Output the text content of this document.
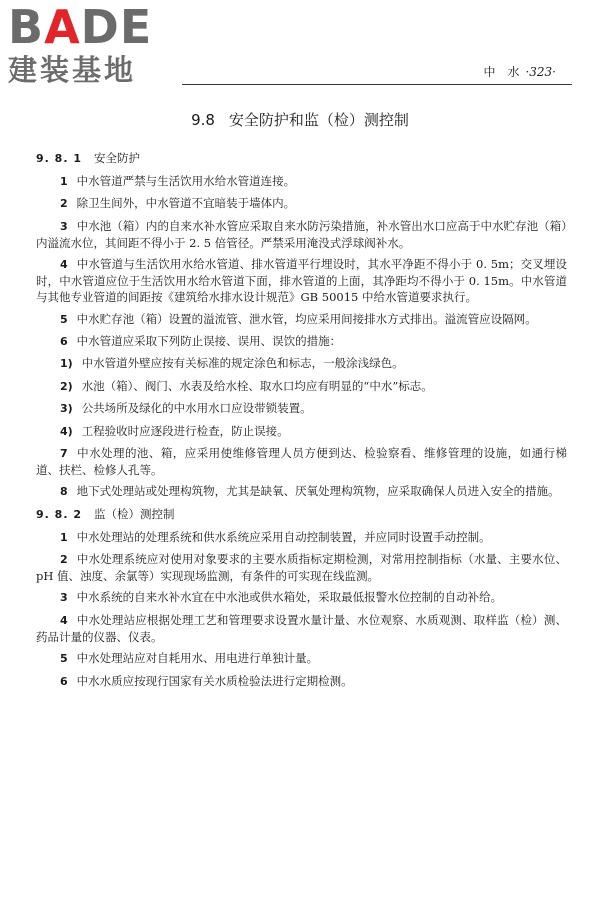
BADE
建装基地	中　水 ·323·
9.8 安全防护和监（检）测控制

9. 8. 1 安全防护

1 中水管道严禁与生活饮用水给水管道连接。

2 除卫生间外，中水管道不宜暗装于墙体内。

3 中水池（箱）内的自来水补水管应采取自来水防污染措施，补水管出水口应高于中水贮存池（箱）内溢流水位，其间距不得小于 2. 5 倍管径。严禁采用淹没式浮球阀补水。

4 中水管道与生活饮用水给水管道、排水管道平行埋设时，其水平净距不得小于 0. 5m；交叉埋设时，中水管道应位于生活饮用水给水管道下面，排水管道的上面，其净距均不得小于 0. 15m。中水管道与其他专业管道的间距按《建筑给水排水设计规范》GB 50015 中给水管道要求执行。

5 中水贮存池（箱）设置的溢流管、泄水管，均应采用间接排水方式排出。溢流管应设隔网。

6 中水管道应采取下列防止误接、误用、误饮的措施：

1) 中水管道外壁应按有关标准的规定涂色和标志，一般涂浅绿色。

2) 水池（箱）、阀门、水表及给水栓、取水口均应有明显的“中水”标志。

3) 公共场所及绿化的中水用水口应设带锁装置。

4) 工程验收时应逐段进行检查，防止误接。

7 中水处理的池、箱，应采用使维修管理人员方便到达、检验察看、维修管理的设施，如通行梯道、扶栏、检修人孔等。

8 地下式处理站或处理构筑物，尤其是缺氧、厌氧处理构筑物，应采取确保人员进入安全的措施。

9. 8. 2 监（检）测控制

1 中水处理站的处理系统和供水系统应采用自动控制装置，并应同时设置手动控制。

2 中水处理系统应对使用对象要求的主要水质指标定期检测，对常用控制指标（水量、主要水位、pH 值、浊度、余氯等）实现现场监测，有条件的可实现在线监测。

3 中水系统的自来水补水宜在中水池或供水箱处，采取最低报警水位控制的自动补给。

4 中水处理站应根据处理工艺和管理要求设置水量计量、水位观察、水质观测、取样监（检）测、药品计量的仪器、仪表。

5 中水处理站应对自耗用水、用电进行单独计量。

6 中水水质应按现行国家有关水质检验法进行定期检测。
